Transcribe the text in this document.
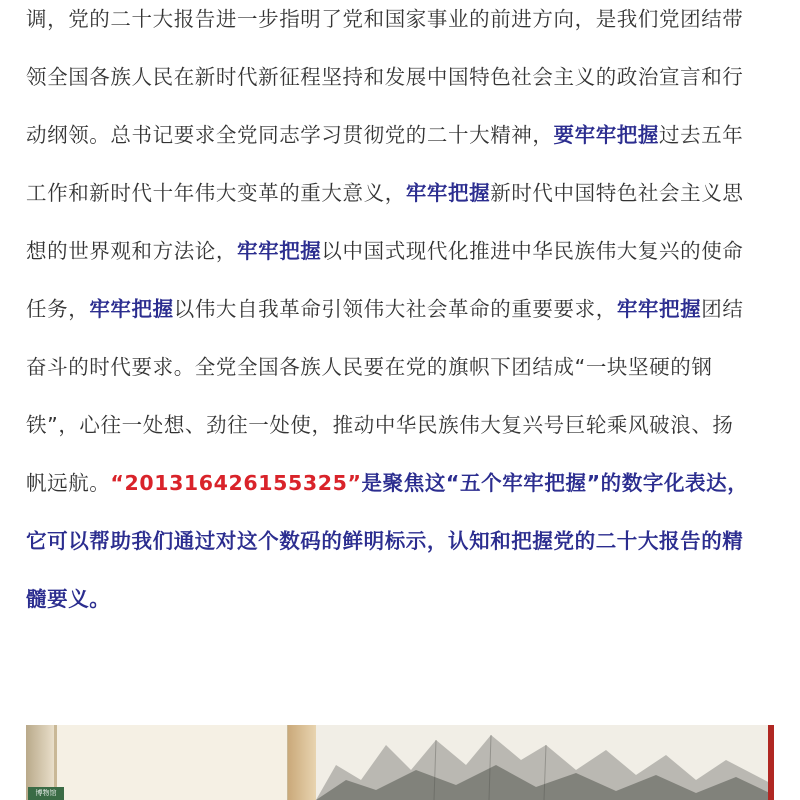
调，党的二十大报告进一步指明了党和国家事业的前进方向，是我们党团结带
领全国各族人民在新时代新征程坚持和发展中国特色社会主义的政治宣言和行
动纲领。总书记要求全党同志学习贯彻党的二十大精神，要牢牢把握过去五年
工作和新时代十年伟大变革的重大意义，牢牢把握新时代中国特色社会主义思
想的世界观和方法论，牢牢把握以中国式现代化推进中华民族伟大复兴的使命
任务，牢牢把握以伟大自我革命引领伟大社会革命的重要要求，牢牢把握团结
奋斗的时代要求。全党全国各族人民要在党的旗帜下团结成“一块坚硬的钢
铁”，心往一处想、劲往一处使，推动中华民族伟大复兴号巨轮乘风破浪、扬
帆远航。“201316426155325”是聚焦这“五个牢牢把握”的数字化表达，
它可以帮助我们通过对这个数码的鲜明标示，认知和把握党的二十大报告的精
髓要义。
博物馆
